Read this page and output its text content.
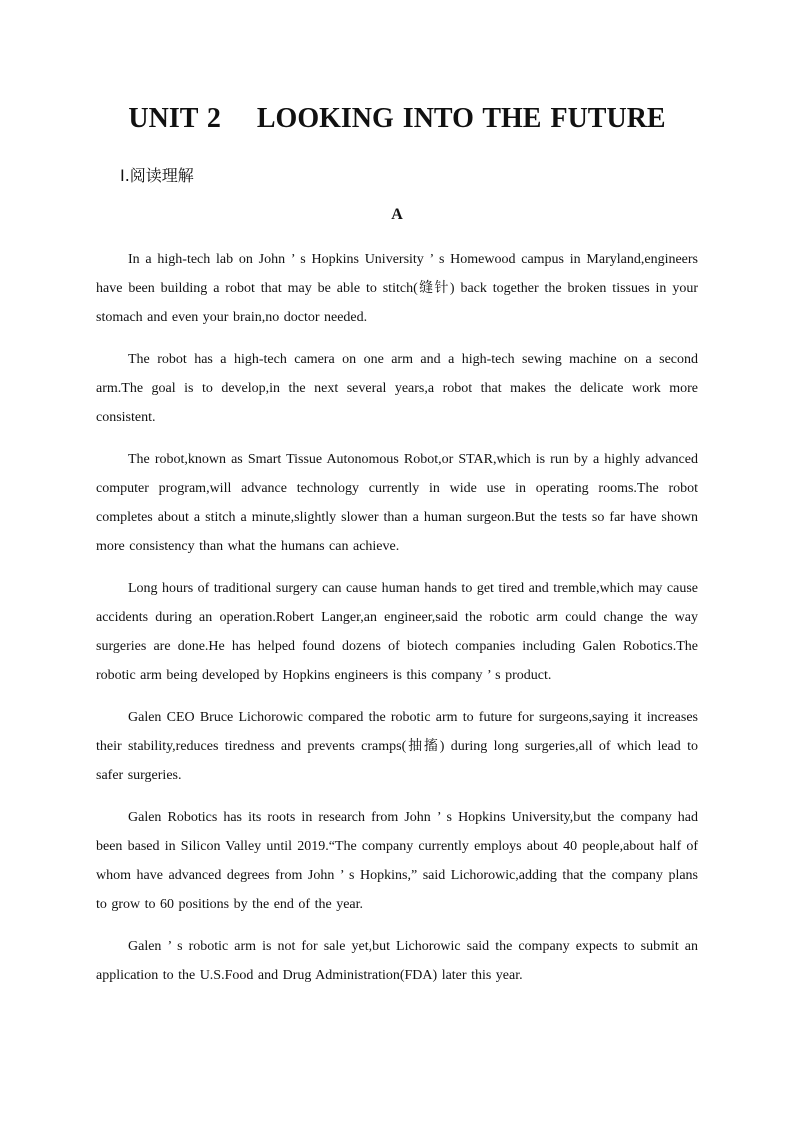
UNIT 2    LOOKING INTO THE FUTURE
Ⅰ.阅读理解
A

In a high-tech lab on John ’ s Hopkins University ’ s Homewood campus in Maryland,engineers have been building a robot that may be able to stitch(缝针) back together the broken tissues in your stomach and even your brain,no doctor needed.

The robot has a high-tech camera on one arm and a high-tech sewing machine on a second arm.The goal is to develop,in the next several years,a robot that makes the delicate work more consistent.

The robot,known as Smart Tissue Autonomous Robot,or STAR,which is run by a highly advanced computer program,will advance technology currently in wide use in operating rooms.The robot completes about a stitch a minute,slightly slower than a human surgeon.But the tests so far have shown more consistency than what the humans can achieve.

Long hours of traditional surgery can cause human hands to get tired and tremble,which may cause accidents during an operation.Robert Langer,an engineer,said the robotic arm could change the way surgeries are done.He has helped found dozens of biotech companies including Galen Robotics.The robotic arm being developed by Hopkins engineers is this company ’ s product.

Galen CEO Bruce Lichorowic compared the robotic arm to future for surgeons,saying it increases their stability,reduces tiredness and prevents cramps(抽搐) during long surgeries,all of which lead to safer surgeries.

Galen Robotics has its roots in research from John ’ s Hopkins University,but the company had been based in Silicon Valley until 2019.“The company currently employs about 40 people,about half of whom have advanced degrees from John ’ s Hopkins,” said Lichorowic,adding that the company plans to grow to 60 positions by the end of the year.

Galen ’ s robotic arm is not for sale yet,but Lichorowic said the company expects to submit an application to the U.S.Food and Drug Administration(FDA) later this year.
